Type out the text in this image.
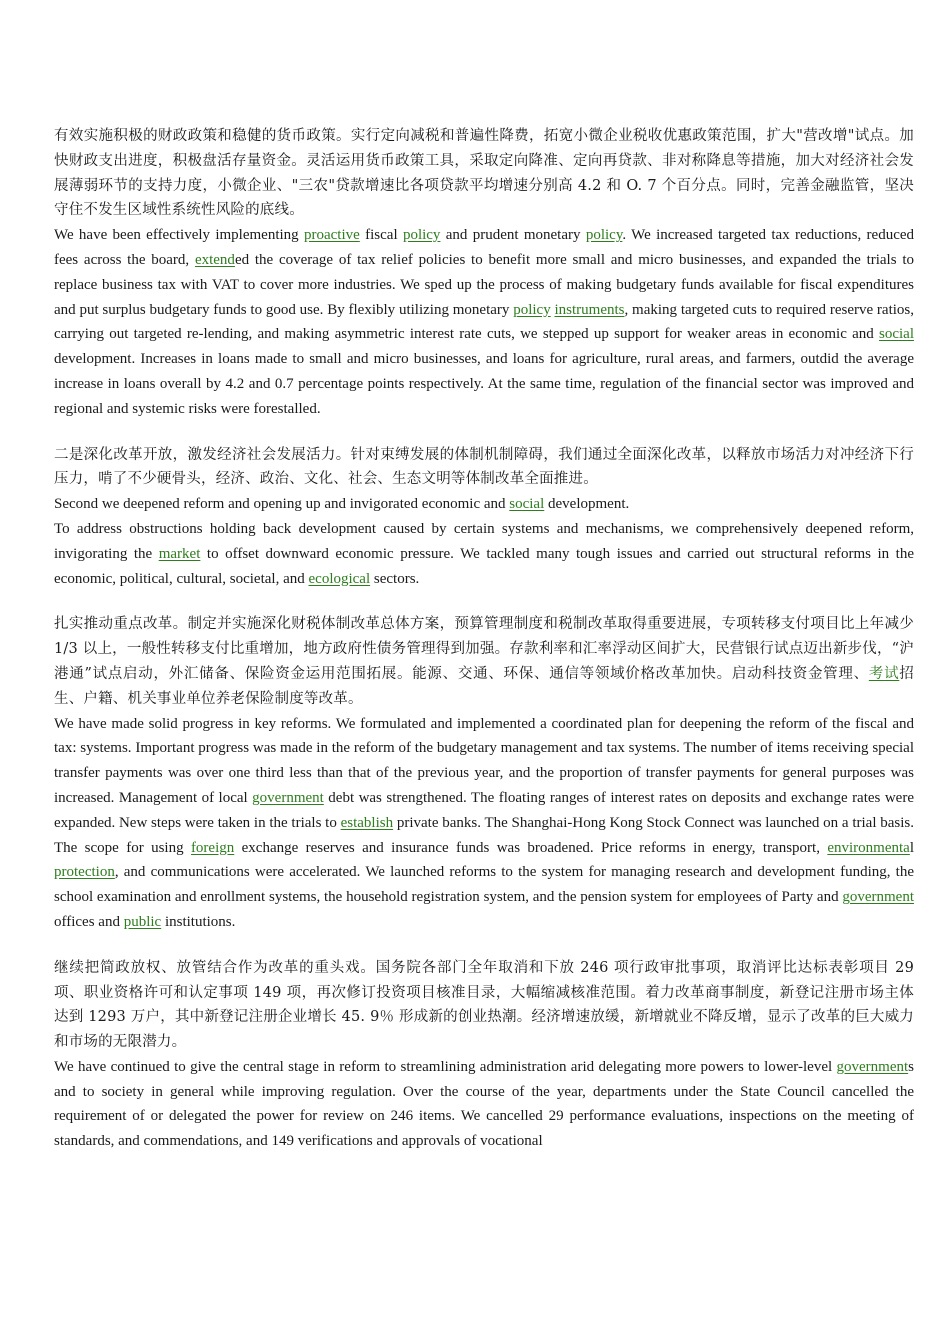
有效实施积极的财政政策和稳健的货币政策。实行定向减税和普遍性降费，拓宽小微企业税收优惠政策范围，扩大"营改增"试点。加快财政支出进度，积极盘活存量资金。灵活运用货币政策工具，采取定向降准、定向再贷款、非对称降息等措施，加大对经济社会发展薄弱环节的支持力度，小微企业、"三农"贷款增速比各项贷款平均增速分别高 4.2 和 O. 7 个百分点。同时，完善金融监管，坚决守住不发生区域性系统性风险的底线。

We have been effectively implementing proactive fiscal policy and prudent monetary policy. We increased targeted tax reductions, reduced fees across the board, extended the coverage of tax relief policies to benefit more small and micro businesses, and expanded the trials to replace business tax with VAT to cover more industries. We sped up the process of making budgetary funds available for fiscal expenditures and put surplus budgetary funds to good use. By flexibly utilizing monetary policy instruments, making targeted cuts to required reserve ratios, carrying out targeted re-lending, and making asymmetric interest rate cuts, we stepped up support for weaker areas in economic and social development. Increases in loans made to small and micro businesses, and loans for agriculture, rural areas, and farmers, outdid the average increase in loans overall by 4.2 and 0.7 percentage points respectively. At the same time, regulation of the financial sector was improved and regional and systemic risks were forestalled.

二是深化改革开放，激发经济社会发展活力。针对束缚发展的体制机制障碍，我们通过全面深化改革，以释放市场活力对冲经济下行压力，啃了不少硬骨头，经济、政治、文化、社会、生态文明等体制改革全面推进。

Second we deepened reform and opening up and invigorated economic and social development.

To address obstructions holding back development caused by certain systems and mechanisms, we comprehensively deepened reform, invigorating the market to offset downward economic pressure. We tackled many tough issues and carried out structural reforms in the economic, political, cultural, societal, and ecological sectors.

扎实推动重点改革。制定并实施深化财税体制改革总体方案，预算管理制度和税制改革取得重要进展，专项转移支付项目比上年减少 1/3 以上，一般性转移支付比重增加，地方政府性债务管理得到加强。存款利率和汇率浮动区间扩大，民营银行试点迈出新步伐，“沪港通”试点启动，外汇储备、保险资金运用范围拓展。能源、交通、环保、通信等领域价格改革加快。启动科技资金管理、考试招生、户籍、机关事业单位养老保险制度等改革。

We have made solid progress in key reforms. We formulated and implemented a coordinated plan for deepening the reform of the fiscal and tax: systems. Important progress was made in the reform of the budgetary management and tax systems. The number of items receiving special transfer payments was over one third less than that of the previous year, and the proportion of transfer payments for general purposes was increased. Management of local government debt was strengthened. The floating ranges of interest rates on deposits and exchange rates were expanded. New steps were taken in the trials to establish private banks. The Shanghai-Hong Kong Stock Connect was launched on a trial basis. The scope for using foreign exchange reserves and insurance funds was broadened. Price reforms in energy, transport, environmental protection, and communications were accelerated. We launched reforms to the system for managing research and development funding, the school examination and enrollment systems, the household registration system, and the pension system for employees of Party and government offices and public institutions.

继续把简政放权、放管结合作为改革的重头戏。国务院各部门全年取消和下放 246 项行政审批事项，取消评比达标表彰项目 29 项、职业资格许可和认定事项 149 项，再次修订投资项目核准目录，大幅缩减核准范围。着力改革商事制度，新登记注册市场主体达到 1293 万户，其中新登记注册企业增长 45. 9％ 形成新的创业热潮。经济增速放缓，新增就业不降反增，显示了改革的巨大威力和市场的无限潜力。

We have continued to give the central stage in reform to streamlining administration arid delegating more powers to lower-level governments and to society in general while improving regulation. Over the course of the year, departments under the State Council cancelled the requirement of or delegated the power for review on 246 items. We cancelled 29 performance evaluations, inspections on the meeting of standards, and commendations, and 149 verifications and approvals of vocational
